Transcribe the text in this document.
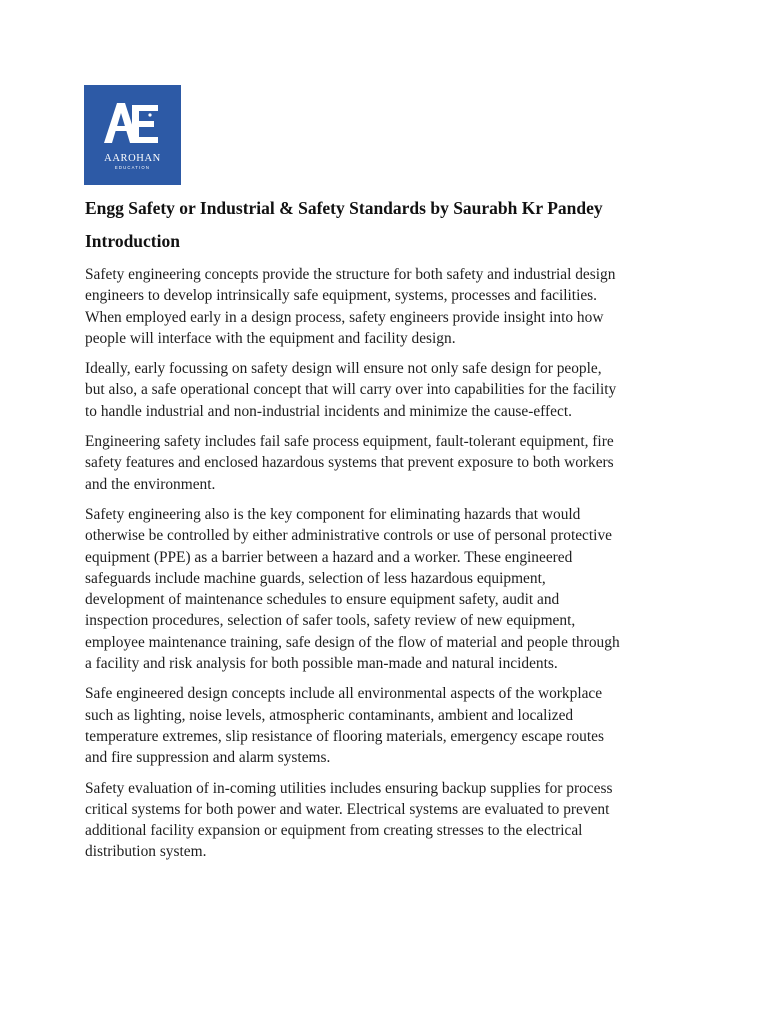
AAROHAN
EDUCATION
Engg Safety or Industrial & Safety Standards by Saurabh Kr Pandey
Introduction

Safety engineering concepts provide the structure for both safety and industrial design engineers to develop intrinsically safe equipment, systems, processes and facilities. When employed early in a design process, safety engineers provide insight into how people will interface with the equipment and facility design.

Ideally, early focussing on safety design will ensure not only safe design for people, but also, a safe operational concept that will carry over into capabilities for the facility to handle industrial and non-industrial incidents and minimize the cause-effect.

Engineering safety includes fail safe process equipment, fault-tolerant equipment, fire safety features and enclosed hazardous systems that prevent exposure to both workers and the environment.

Safety engineering also is the key component for eliminating hazards that would otherwise be controlled by either administrative controls or use of personal protective equipment (PPE) as a barrier between a hazard and a worker. These engineered safeguards include machine guards, selection of less hazardous equipment, development of maintenance schedules to ensure equipment safety, audit and inspection procedures, selection of safer tools, safety review of new equipment, employee maintenance training, safe design of the flow of material and people through a facility and risk analysis for both possible man-made and natural incidents.

Safe engineered design concepts include all environmental aspects of the workplace such as lighting, noise levels, atmospheric contaminants, ambient and localized temperature extremes, slip resistance of flooring materials, emergency escape routes and fire suppression and alarm systems.

Safety evaluation of in-coming utilities includes ensuring backup supplies for process critical systems for both power and water. Electrical systems are evaluated to prevent additional facility expansion or equipment from creating stresses to the electrical distribution system.
